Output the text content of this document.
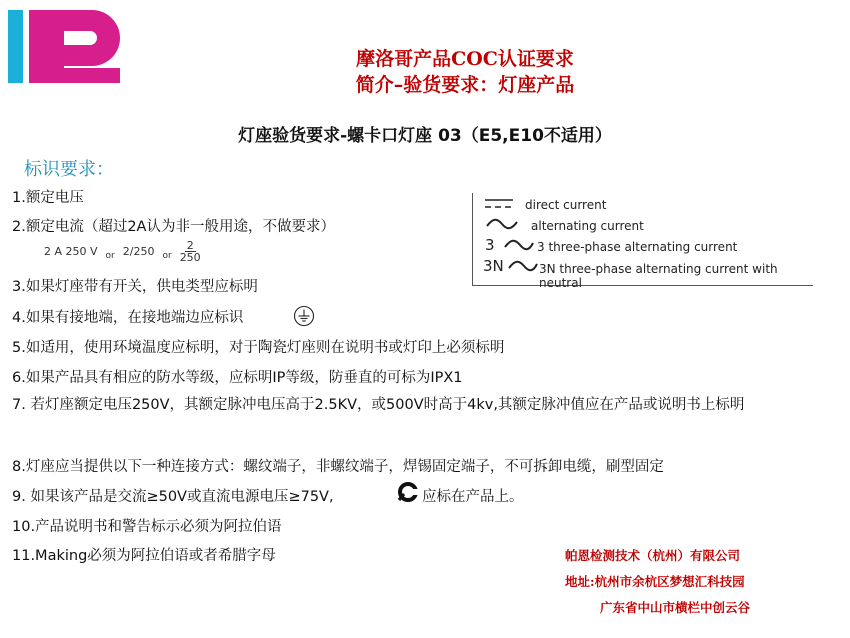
摩洛哥产品COC认证要求
简介–验货要求：灯座产品
灯座验货要求-螺卡口灯座 03（E5,E10不适用）
标识要求：
1.额定电压
2.额定电流（超过2A认为非一般用途，不做要求）
2 A 250 V or 2/250 or $\frac{2}{250}$
3.如果灯座带有开关，供电类型应标明
4.如果有接地端，在接地端边应标识
5.如适用，使用环境温度应标明，对于陶瓷灯座则在说明书或灯印上必须标明
6.如果产品具有相应的防水等级，应标明IP等级，防垂直的可标为IPX1
7. 若灯座额定电压250V，其额定脉冲电压高于2.5KV，或500V时高于4kv,其额定脉冲值应在产品或说明书上标明
8.灯座应当提供以下一种连接方式：螺纹端子，非螺纹端子，焊锡固定端子，不可拆卸电缆，刷型固定
9. 如果该产品是交流≥50V或直流电源电压≥75V,	应标在产品上。
10.产品说明书和警告标示必须为阿拉伯语
11.Making必须为阿拉伯语或者希腊字母
direct current
alternating current
3	3 three-phase alternating current
3N	3N three-phase alternating current with neutral
帕恩检测技术（杭州）有限公司
地址:杭州市余杭区梦想汇科技园
广东省中山市横栏中创云谷
